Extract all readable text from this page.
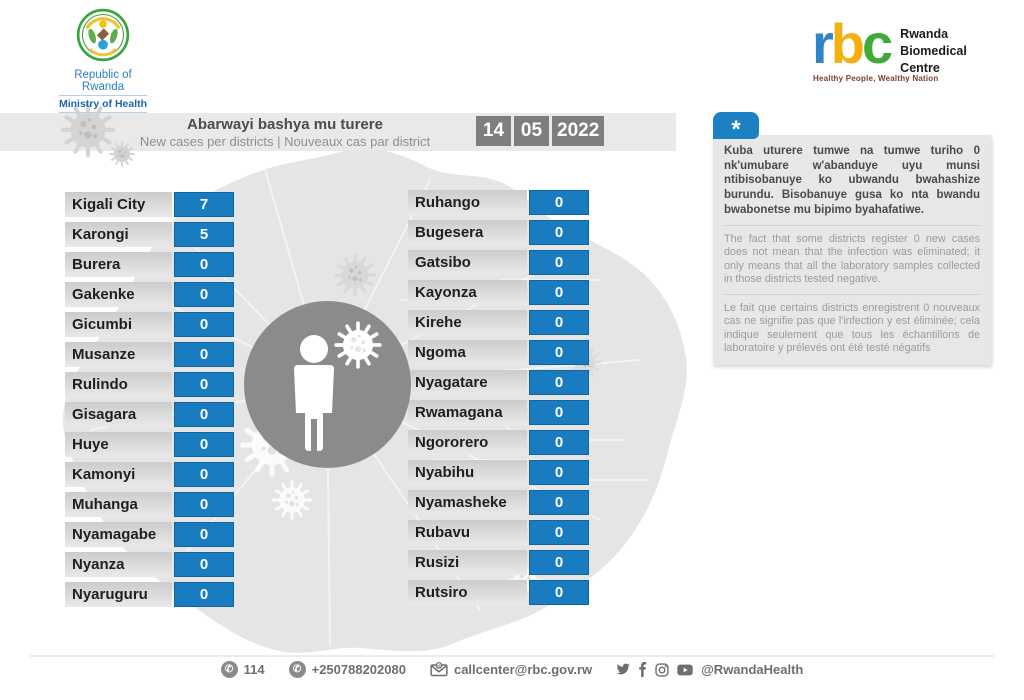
Republic of Rwanda
Ministry of Health
rbc Rwanda
Biomedical
Centre
Healthy People, Wealthy Nation
Abarwayi bashya mu turere
New cases per districts | Nouveaux cas par district
14 05 2022
Kigali City	7
Karongi	5
Burera	0
Gakenke	0
Gicumbi	0
Musanze	0
Rulindo	0
Gisagara	0
Huye	0
Kamonyi	0
Muhanga	0
Nyamagabe	0
Nyanza	0
Nyaruguru	0
Ruhango	0
Bugesera	0
Gatsibo	0
Kayonza	0
Kirehe	0
Ngoma	0
Nyagatare	0
Rwamagana	0
Ngororero	0
Nyabihu	0
Nyamasheke	0
Rubavu	0
Rusizi	0
Rutsiro	0
*
Kuba uturere tumwe na tumwe turiho 0 nk'umubare w'abanduye uyu munsi ntibisobanuye ko ubwandu bwahashize burundu. Bisobanuye gusa ko nta bwandu bwabonetse mu bipimo byahafatiwe.
The fact that some districts register 0 new cases does not mean that the infection was eliminated; it only means that all the laboratory samples collected in those districts tested negative.
Le fait que certains districts enregistrent 0 nouveaux cas ne signifie pas que l'infection y est éliminée; cela indique seulement que tous les échantillons de laboratoire y prélevés ont été testé négatifs
✆ 114	✆ +250788202080	@ callcenter@rbc.gov.rw	@RwandaHealth
